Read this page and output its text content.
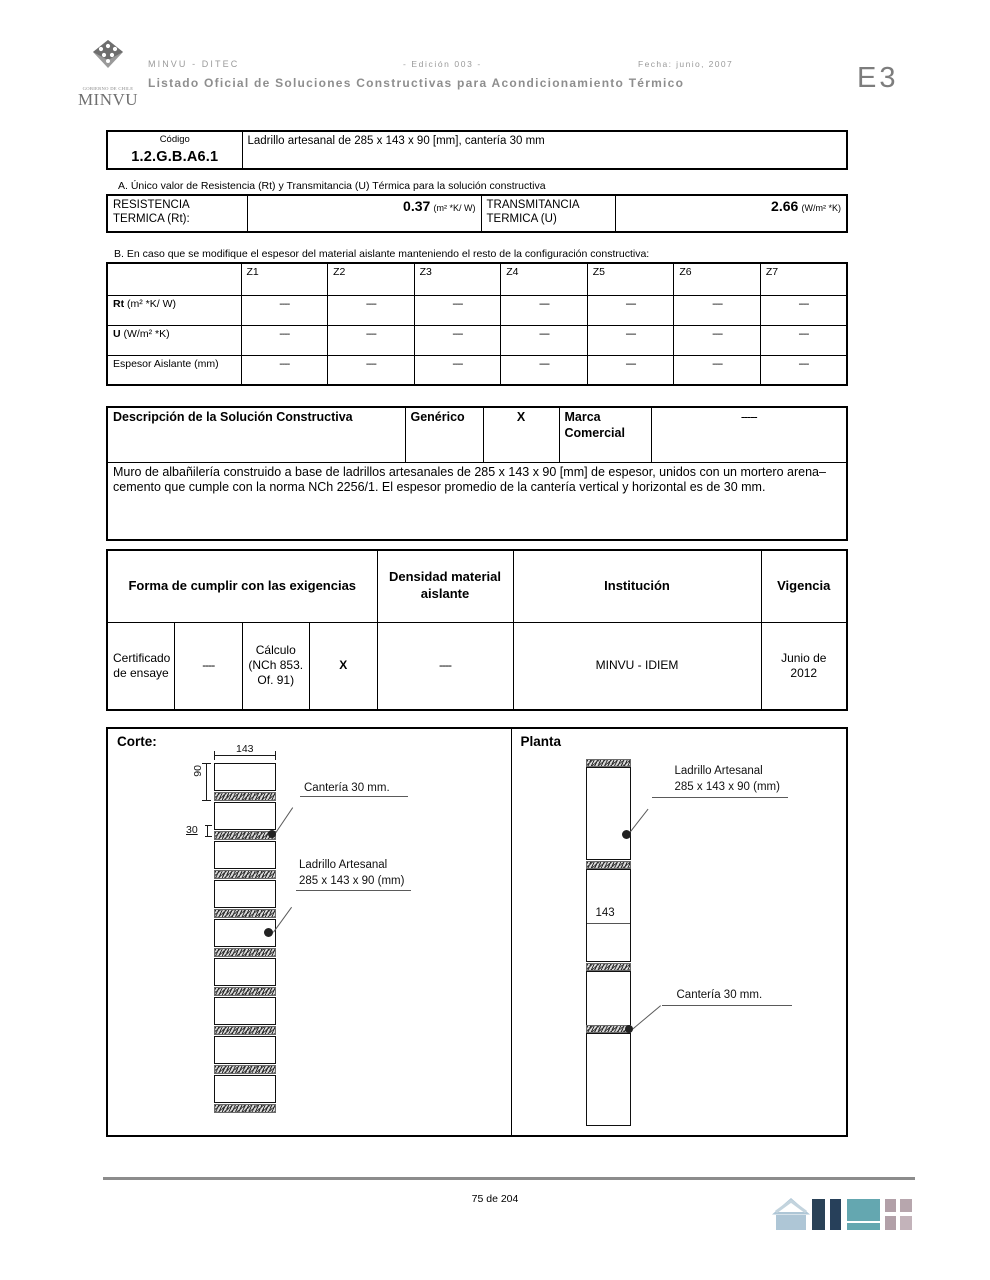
GOBIERNO DE CHILE
MINVU
MINVU - DITEC	- Edición 003 -	Fecha: junio, 2007
Listado Oficial de Soluciones Constructivas para Acondicionamiento Térmico	E3
Código
1.2.G.B.A6.1
	Ladrillo artesanal de 285 x 143 x 90 [mm], cantería 30 mm
A. Único valor de Resistencia (Rt) y Transmitancia (U) Térmica para la solución constructiva
RESISTENCIA TERMICA (Rt):	0.37 (m² *K/ W)	TRANSMITANCIA TERMICA (U)	2.66 (W/m² *K)
B. En caso que se modifique el espesor del material aislante manteniendo el resto de la configuración constructiva:
	Z1	Z2	Z3	Z4	Z5	Z6	Z7
Rt (m² *K/ W)	----	----	----	----	----	----	----
U (W/m² *K)	----	----	----	----	----	----	----
Espesor Aislante (mm)	----	----	----	----	----	----	----
Descripción de la Solución Constructiva	Genérico	X	Marca Comercial	-----
Muro de albañilería construido a base de ladrillos artesanales de 285 x 143 x 90 [mm] de espesor, unidos con un mortero arena–cemento que cumple con la norma NCh 2256/1. El espesor promedio de la cantería vertical y horizontal es de 30 mm.
Forma de cumplir con las exigencias				Densidad material aislante	Institución	Vigencia
Certificado de ensaye	----	Cálculo (NCh 853. Of. 91)	X	----	MINVU - IDIEM	Junio de 2012
Corte:	143
90
30
Cantería 30 mm.
Ladrillo Artesanal
285 x 143 x 90 (mm)

Planta
143
Ladrillo Artesanal
285 x 143 x 90 (mm)
Cantería 30 mm.
75 de 204
